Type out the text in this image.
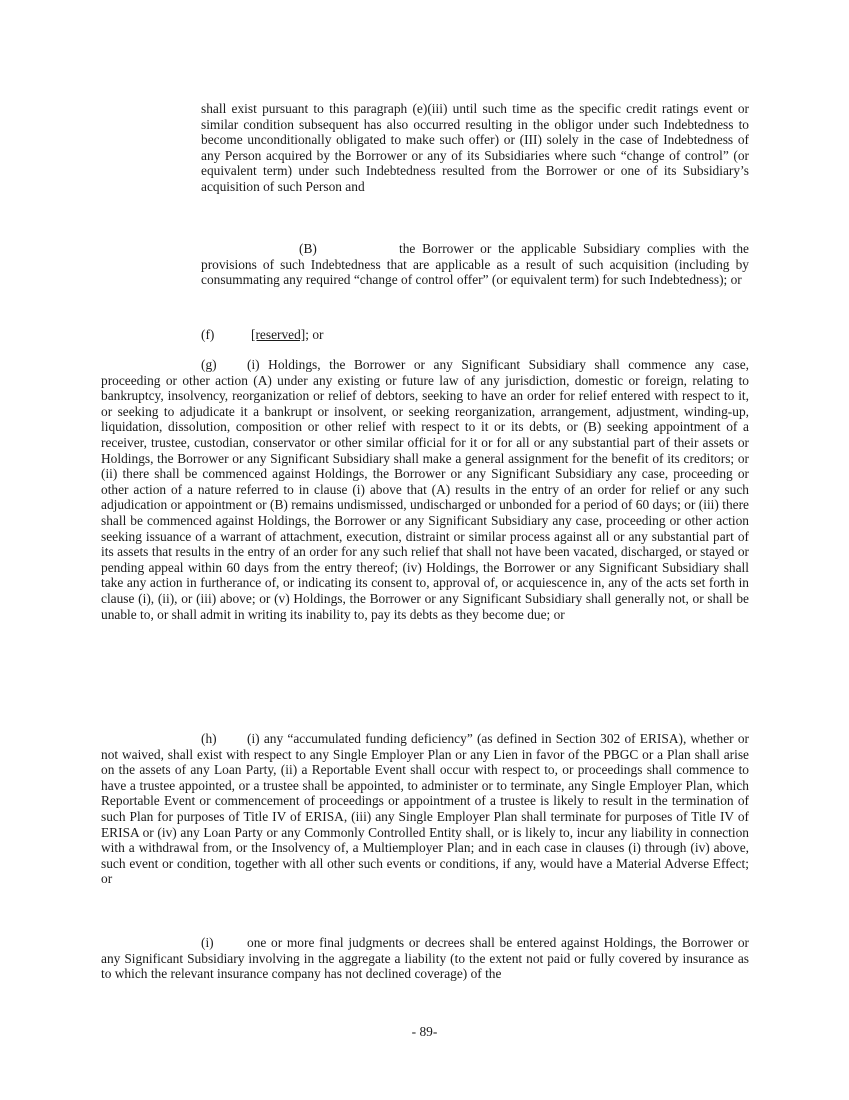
shall exist pursuant to this paragraph (e)(iii) until such time as the specific credit ratings event or similar condition subsequent has also occurred resulting in the obligor under such Indebtedness to become unconditionally obligated to make such offer) or (III) solely in the case of Indebtedness of any Person acquired by the Borrower or any of its Subsidiaries where such “change of control” (or equivalent term) under such Indebtedness resulted from the Borrower or one of its Subsidiary’s acquisition of such Person and

(B)	the Borrower or the applicable Subsidiary complies with the provisions of such Indebtedness that are applicable as a result of such acquisition (including by consummating any required “change of control offer” (or equivalent term) for such Indebtedness); or

(f)	[reserved]; or

(g) (i) Holdings, the Borrower or any Significant Subsidiary shall commence any case, proceeding or other action (A) under any existing or future law of any jurisdiction, domestic or foreign, relating to bankruptcy, insolvency, reorganization or relief of debtors, seeking to have an order for relief entered with respect to it, or seeking to adjudicate it a bankrupt or insolvent, or seeking reorganization, arrangement, adjustment, winding-up, liquidation, dissolution, composition or other relief with respect to it or its debts, or (B) seeking appointment of a receiver, trustee, custodian, conservator or other similar official for it or for all or any substantial part of their assets or Holdings, the Borrower or any Significant Subsidiary shall make a general assignment for the benefit of its creditors; or (ii) there shall be commenced against Holdings, the Borrower or any Significant Subsidiary any case, proceeding or other action of a nature referred to in clause (i) above that (A) results in the entry of an order for relief or any such adjudication or appointment or (B) remains undismissed, undischarged or unbonded for a period of 60 days; or (iii) there shall be commenced against Holdings, the Borrower or any Significant Subsidiary any case, proceeding or other action seeking issuance of a warrant of attachment, execution, distraint or similar process against all or any substantial part of its assets that results in the entry of an order for any such relief that shall not have been vacated, discharged, or stayed or pending appeal within 60 days from the entry thereof; (iv) Holdings, the Borrower or any Significant Subsidiary shall take any action in furtherance of, or indicating its consent to, approval of, or acquiescence in, any of the acts set forth in clause (i), (ii), or (iii) above; or (v) Holdings, the Borrower or any Significant Subsidiary shall generally not, or shall be unable to, or shall admit in writing its inability to, pay its debts as they become due; or

(h) (i) any “accumulated funding deficiency” (as defined in Section 302 of ERISA), whether or not waived, shall exist with respect to any Single Employer Plan or any Lien in favor of the PBGC or a Plan shall arise on the assets of any Loan Party, (ii) a Reportable Event shall occur with respect to, or proceedings shall commence to have a trustee appointed, or a trustee shall be appointed, to administer or to terminate, any Single Employer Plan, which Reportable Event or commencement of proceedings or appointment of a trustee is likely to result in the termination of such Plan for purposes of Title IV of ERISA, (iii) any Single Employer Plan shall terminate for purposes of Title IV of ERISA or (iv) any Loan Party or any Commonly Controlled Entity shall, or is likely to, incur any liability in connection with a withdrawal from, or the Insolvency of, a Multiemployer Plan; and in each case in clauses (i) through (iv) above, such event or condition, together with all other such events or conditions, if any, would have a Material Adverse Effect; or

(i) one or more final judgments or decrees shall be entered against Holdings, the Borrower or any Significant Subsidiary involving in the aggregate a liability (to the extent not paid or fully covered by insurance as to which the relevant insurance company has not declined coverage) of the

- 89-
